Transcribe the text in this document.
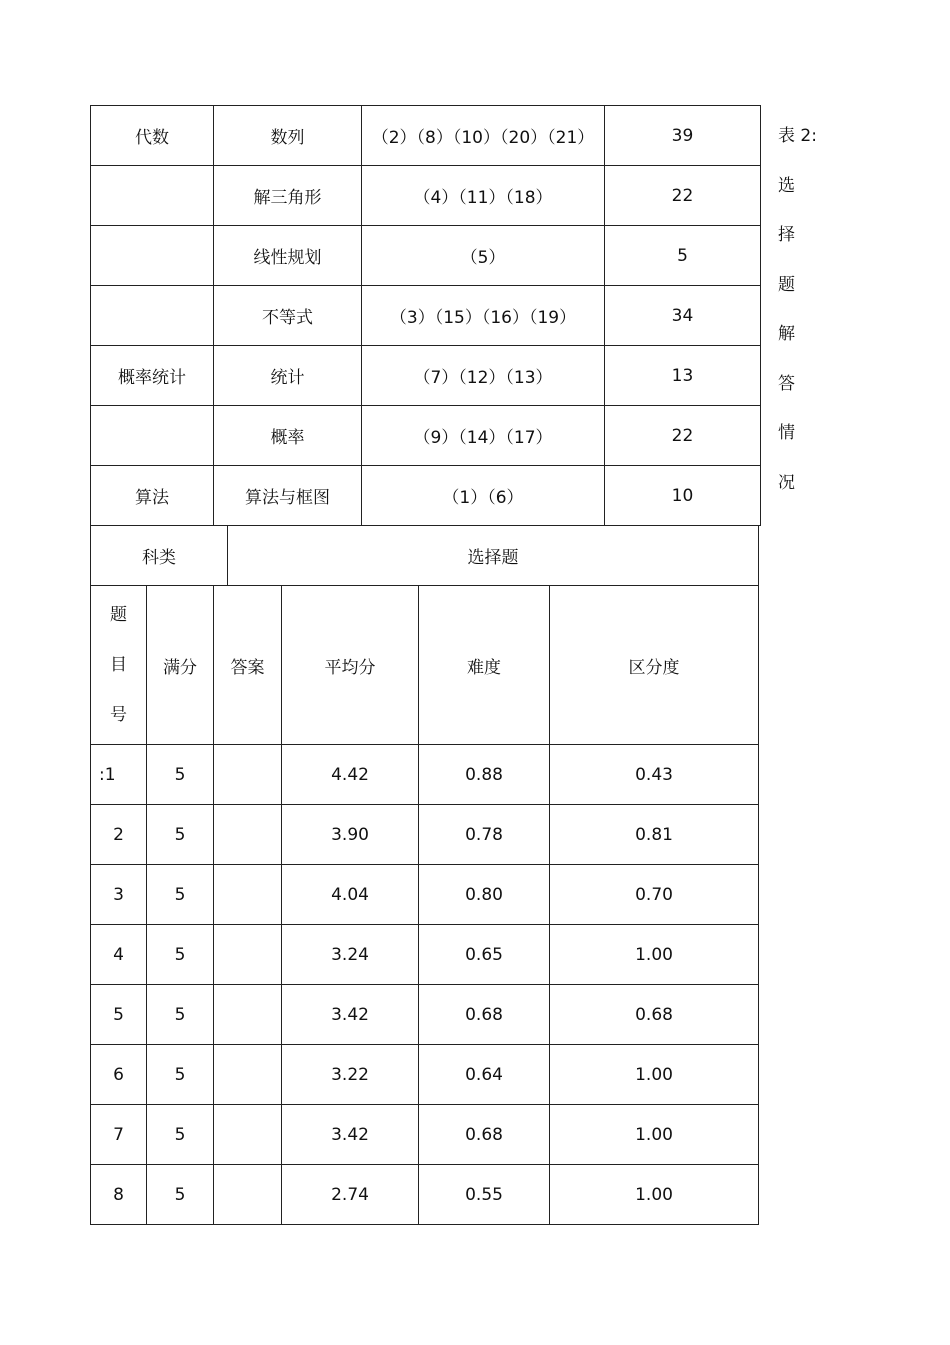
代数	数列	（2）（8）（10）（20）（21）	39
	解三角形	（4）（11）（18）	22
	线性规划	（5）	5
	不等式	（3）（15）（16）（19）	34
概率统计	统计	（7）（12）（13）	13
	概率	（9）（14）（17）	22
算法	算法与框图	（1）（6）	10
表 2:
选 择
题 解
答 情
况
科类			选择题			
题
目
号	满分	答案		平均分	难度	区分度
:1	5			4.42	0.88	0.43
2	5			3.90	0.78	0.81
3	5			4.04	0.80	0.70
4	5			3.24	0.65	1.00
5	5			3.42	0.68	0.68
6	5			3.22	0.64	1.00
7	5			3.42	0.68	1.00
8	5			2.74	0.55	1.00
